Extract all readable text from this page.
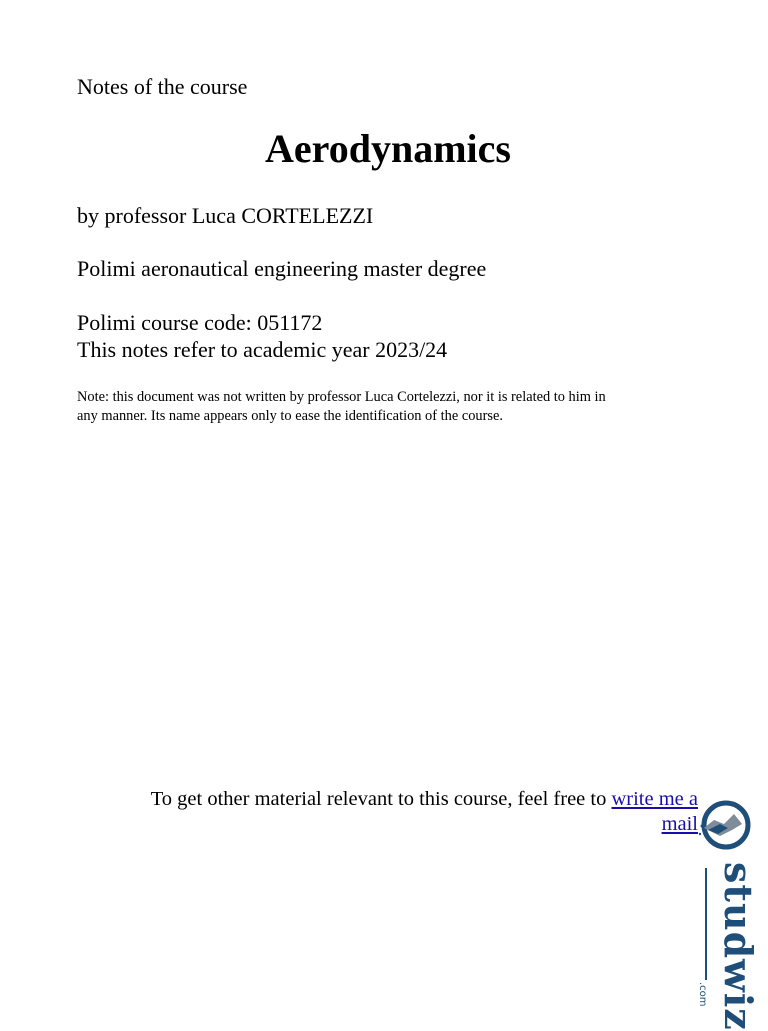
Notes of the course
Aerodynamics
by professor Luca CORTELEZZI
Polimi aeronautical engineering master degree
Polimi course code: 051172
This notes refer to academic year 2023/24
Note: this document was not written by professor Luca Cortelezzi, nor it is related to him in
any manner. Its name appears only to ease the identification of the course.
To get other material relevant to this course, feel free to write me a
mail
studwiz
.com
